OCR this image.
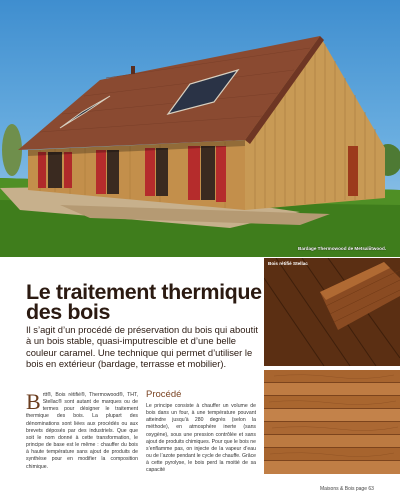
Bardage Thermowood de Metsaliitwood.
Le traitement thermique des bois

Il s’agit d’un procédé de préservation du bois qui aboutit à un bois stable, quasi-imputrescible et d’une belle couleur caramel. Une technique qui permet d’utiliser le bois en extérieur (bardage, terrasse et mobilier).

Brtt®, Bois rétifié®, Thermowood®, THT, Stellac® sont autant de marques ou de termes pour désigner le traitement thermique des bois. La plupart des dénominations sont liées aux procédés ou aux brevets déposés par des industriels. Que que soit le nom donné à cette transformation, le principe de base est le même : chauffer du bois à haute température sans ajout de produits de synthèse pour en modifier la composition chimique.
Procédé

Le principe consiste à chauffer un volume de bois dans un four, à une température pouvant atteindre jusqu’à 280 degrés (selon la méthode), en atmosphère inerte (sans oxygène), sous une pression contrôlée et sans ajout de produits chimiques. Pour que le bois ne s’enflamme pas, on injecte de la vapeur d’eau ou de l’azote pendant le cycle de chauffe. Grâce à cette pyrolyse, le bois perd la moitié de sa capacité

Bois rétifié Stellac
Maisons & Bois page 63
